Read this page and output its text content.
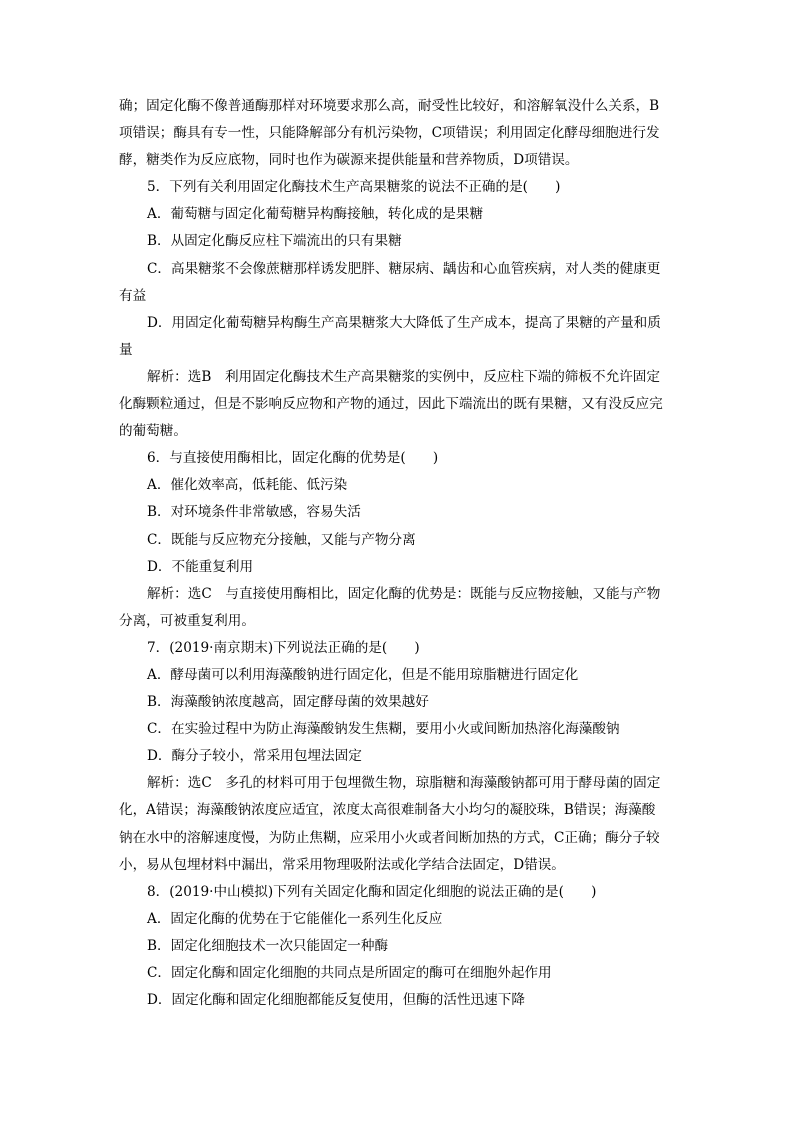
确；固定化酶不像普通酶那样对环境要求那么高，耐受性比较好，和溶解氧没什么关系，B

项错误；酶具有专一性，只能降解部分有机污染物，C项错误；利用固定化酵母细胞进行发

酵，糖类作为反应底物，同时也作为碳源来提供能量和营养物质，D项错误。

5．下列有关利用固定化酶技术生产高果糖浆的说法不正确的是(　　)

A．葡萄糖与固定化葡萄糖异构酶接触，转化成的是果糖

B．从固定化酶反应柱下端流出的只有果糖

C．高果糖浆不会像蔗糖那样诱发肥胖、糖尿病、龋齿和心血管疾病，对人类的健康更

有益

D．用固定化葡萄糖异构酶生产高果糖浆大大降低了生产成本，提高了果糖的产量和质

量

解析：选B　利用固定化酶技术生产高果糖浆的实例中，反应柱下端的筛板不允许固定

化酶颗粒通过，但是不影响反应物和产物的通过，因此下端流出的既有果糖，又有没反应完

的葡萄糖。

6．与直接使用酶相比，固定化酶的优势是(　　)

A．催化效率高，低耗能、低污染

B．对环境条件非常敏感，容易失活

C．既能与反应物充分接触，又能与产物分离

D．不能重复利用

解析：选C　与直接使用酶相比，固定化酶的优势是：既能与反应物接触，又能与产物

分离，可被重复利用。

7．(2019·南京期末)下列说法正确的是(　　)

A．酵母菌可以利用海藻酸钠进行固定化，但是不能用琼脂糖进行固定化

B．海藻酸钠浓度越高，固定酵母菌的效果越好

C．在实验过程中为防止海藻酸钠发生焦糊，要用小火或间断加热溶化海藻酸钠

D．酶分子较小，常采用包埋法固定

解析：选C　多孔的材料可用于包埋微生物，琼脂糖和海藻酸钠都可用于酵母菌的固定

化，A错误；海藻酸钠浓度应适宜，浓度太高很难制备大小均匀的凝胶珠，B错误；海藻酸

钠在水中的溶解速度慢，为防止焦糊，应采用小火或者间断加热的方式，C正确；酶分子较

小，易从包埋材料中漏出，常采用物理吸附法或化学结合法固定，D错误。

8．(2019·中山模拟)下列有关固定化酶和固定化细胞的说法正确的是(　　)

A．固定化酶的优势在于它能催化一系列生化反应

B．固定化细胞技术一次只能固定一种酶

C．固定化酶和固定化细胞的共同点是所固定的酶可在细胞外起作用

D．固定化酶和固定化细胞都能反复使用，但酶的活性迅速下降
